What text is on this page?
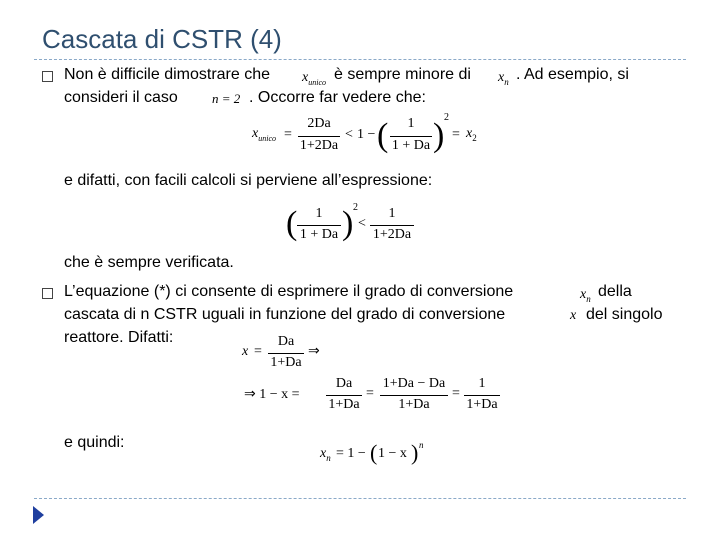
Cascata di CSTR (4)
Non è difficile dimostrare che $x_{unico}$ è sempre minore di $x_n$ . Ad esempio, si
consideri il caso	n = 2 . Occorre far vedere che:
$x_{unico}$ =
2Da
1+2Da
< 1 − (	1
1 + Da ) 2
= $x_2$
e difatti, con facili calcoli si perviene all’espressione:
(	1
1 + Da ) 2
<
1
1+2Da
che è sempre verificata.
L’equazione (*) ci consente di esprimere il grado di conversione	$x_n$ della
cascata di n CSTR uguali in funzione del grado di conversione	x del singolo
reattore. Difatti:
x =
Da
1+Da
⇒
⇒ 1 − x =
Da
1+Da
=
1+Da − Da
1+Da
=
1
1+Da
e quindi:
$x_n = 1$ − ( 1 − x ) n
